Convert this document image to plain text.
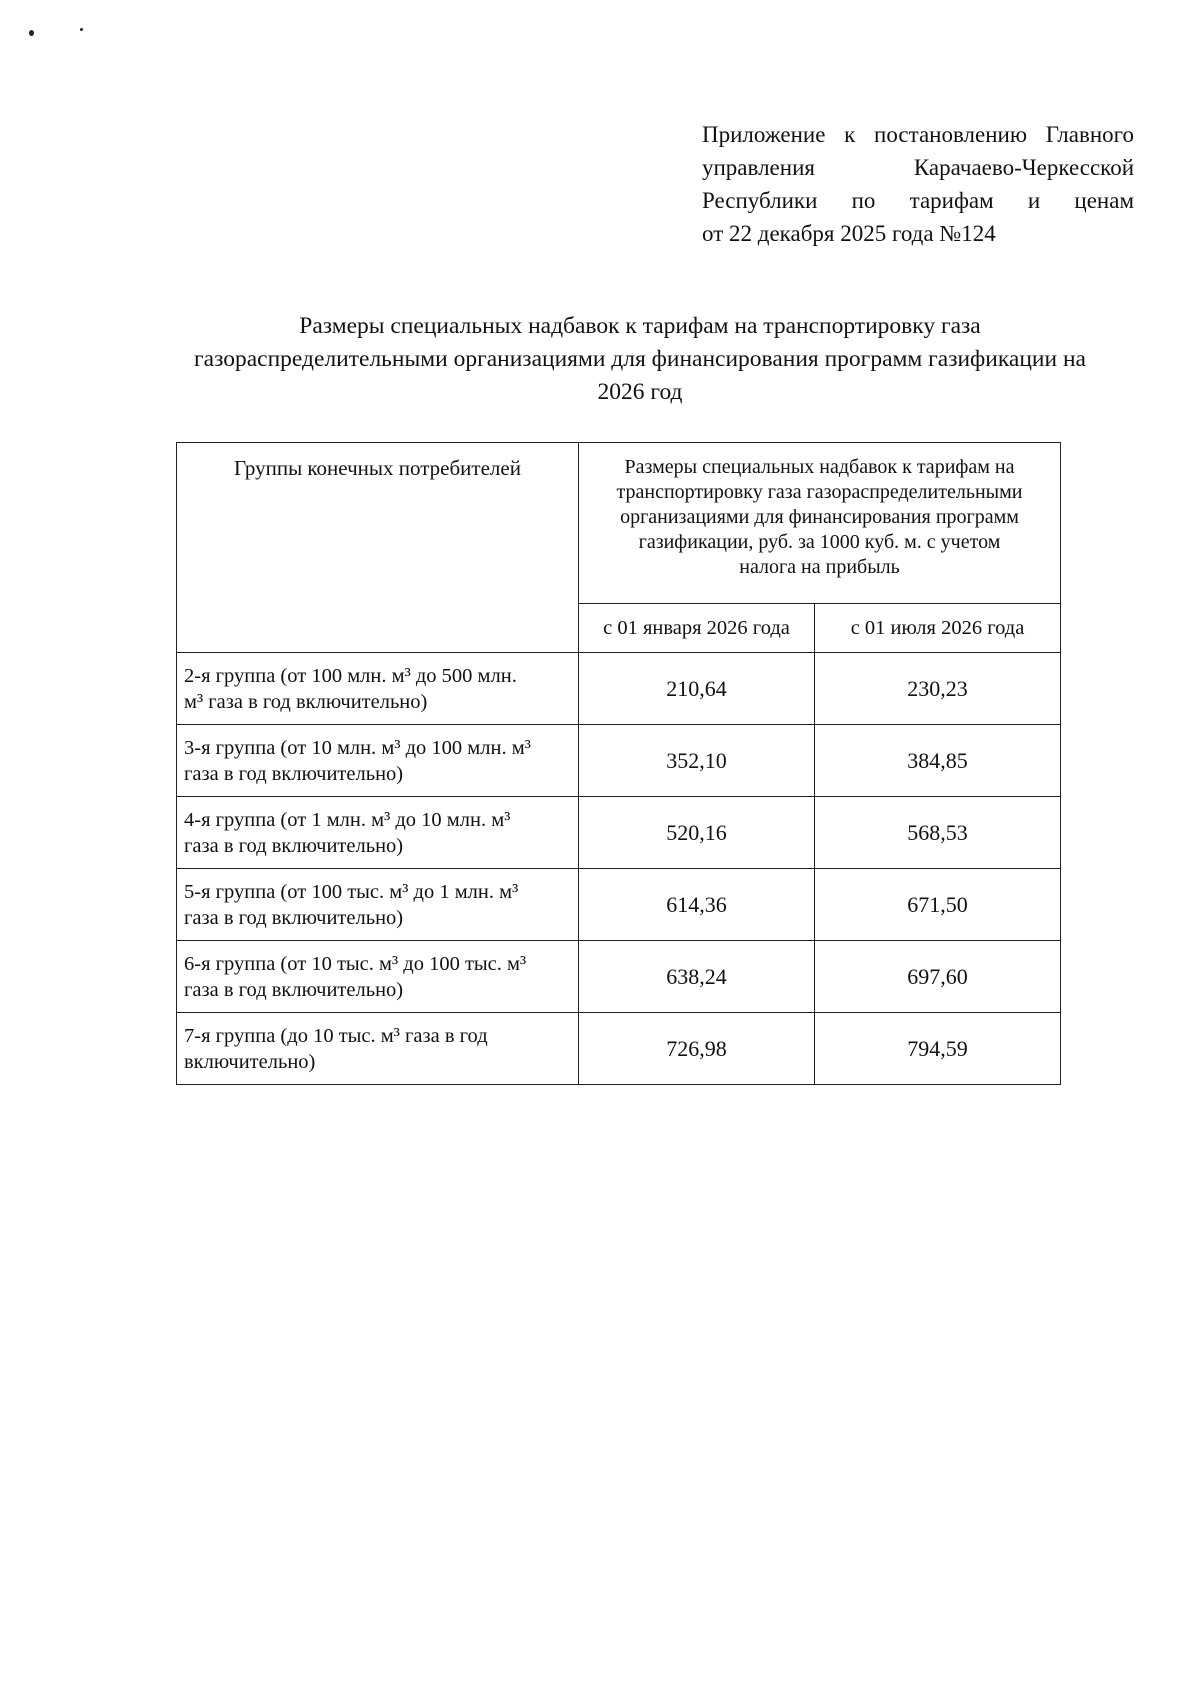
Приложение к постановлению Главного
управления Карачаево-Черкесской
Республики по тарифам и ценам
от 22 декабря 2025 года №124
Размеры специальных надбавок к тарифам на транспортировку газа
газораспределительными организациями для финансирования программ газификации на
2026 год
Группы конечных потребителей	Размеры специальных надбавок к тарифам на
транспортировку газа газораспределительными
организациями для финансирования программ
газификации, руб. за 1000 куб. м. с учетом
налога на прибыль	

	с 01 января 2026 года	с 01 июля 2026 года

2-я группа (от 100 млн. м³ до 500 млн.
м³ газа в год включительно)	210,64	230,23

3-я группа (от 10 млн. м³ до 100 млн. м³
газа в год включительно)	352,10	384,85

4-я группа (от 1 млн. м³ до 10 млн. м³
газа в год включительно)	520,16	568,53

5-я группа (от 100 тыс. м³ до 1 млн. м³
газа в год включительно)	614,36	671,50

6-я группа (от 10 тыс. м³ до 100 тыс. м³
газа в год включительно)	638,24	697,60

7-я группа (до 10 тыс. м³ газа в год
включительно)	726,98	794,59
